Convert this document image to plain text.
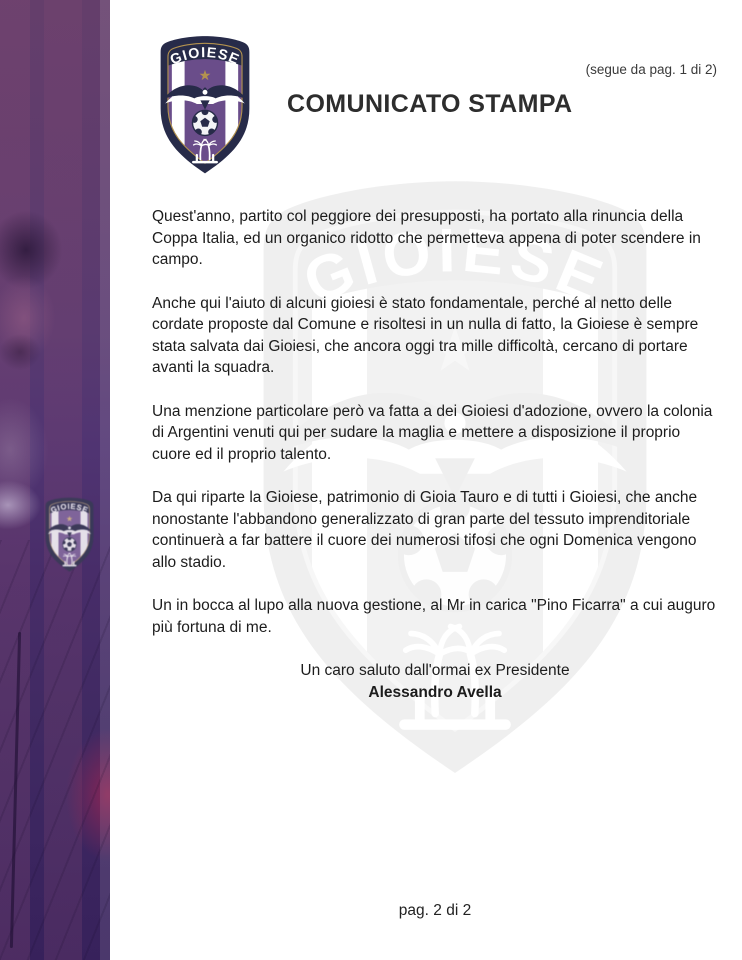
(segue da pag. 1 di 2)
COMUNICATO STAMPA

Quest'anno, partito col peggiore dei presupposti, ha portato alla rinuncia della Coppa Italia, ed un organico ridotto che permetteva appena di poter scendere in campo.

Anche qui l'aiuto di alcuni gioiesi è stato fondamentale, perché al netto delle cordate proposte dal Comune e risoltesi in un nulla di fatto, la Gioiese è sempre stata salvata dai Gioiesi, che ancora oggi tra mille difficoltà, cercano di portare avanti la squadra.

Una menzione particolare però va fatta a dei Gioiesi d'adozione, ovvero la colonia di Argentini venuti qui per sudare la maglia e mettere a disposizione il proprio cuore ed il proprio talento.

Da qui riparte la Gioiese, patrimonio di Gioia Tauro e di tutti i Gioiesi, che anche nonostante l'abbandono generalizzato di gran parte del tessuto imprenditoriale continuerà a far battere il cuore dei numerosi tifosi che ogni Domenica vengono allo stadio.

Un in bocca al lupo alla nuova gestione, al Mr in carica "Pino Ficarra" a cui auguro più fortuna di me.

Un caro saluto dall'ormai ex Presidente

Alessandro Avella

pag. 2 di 2
